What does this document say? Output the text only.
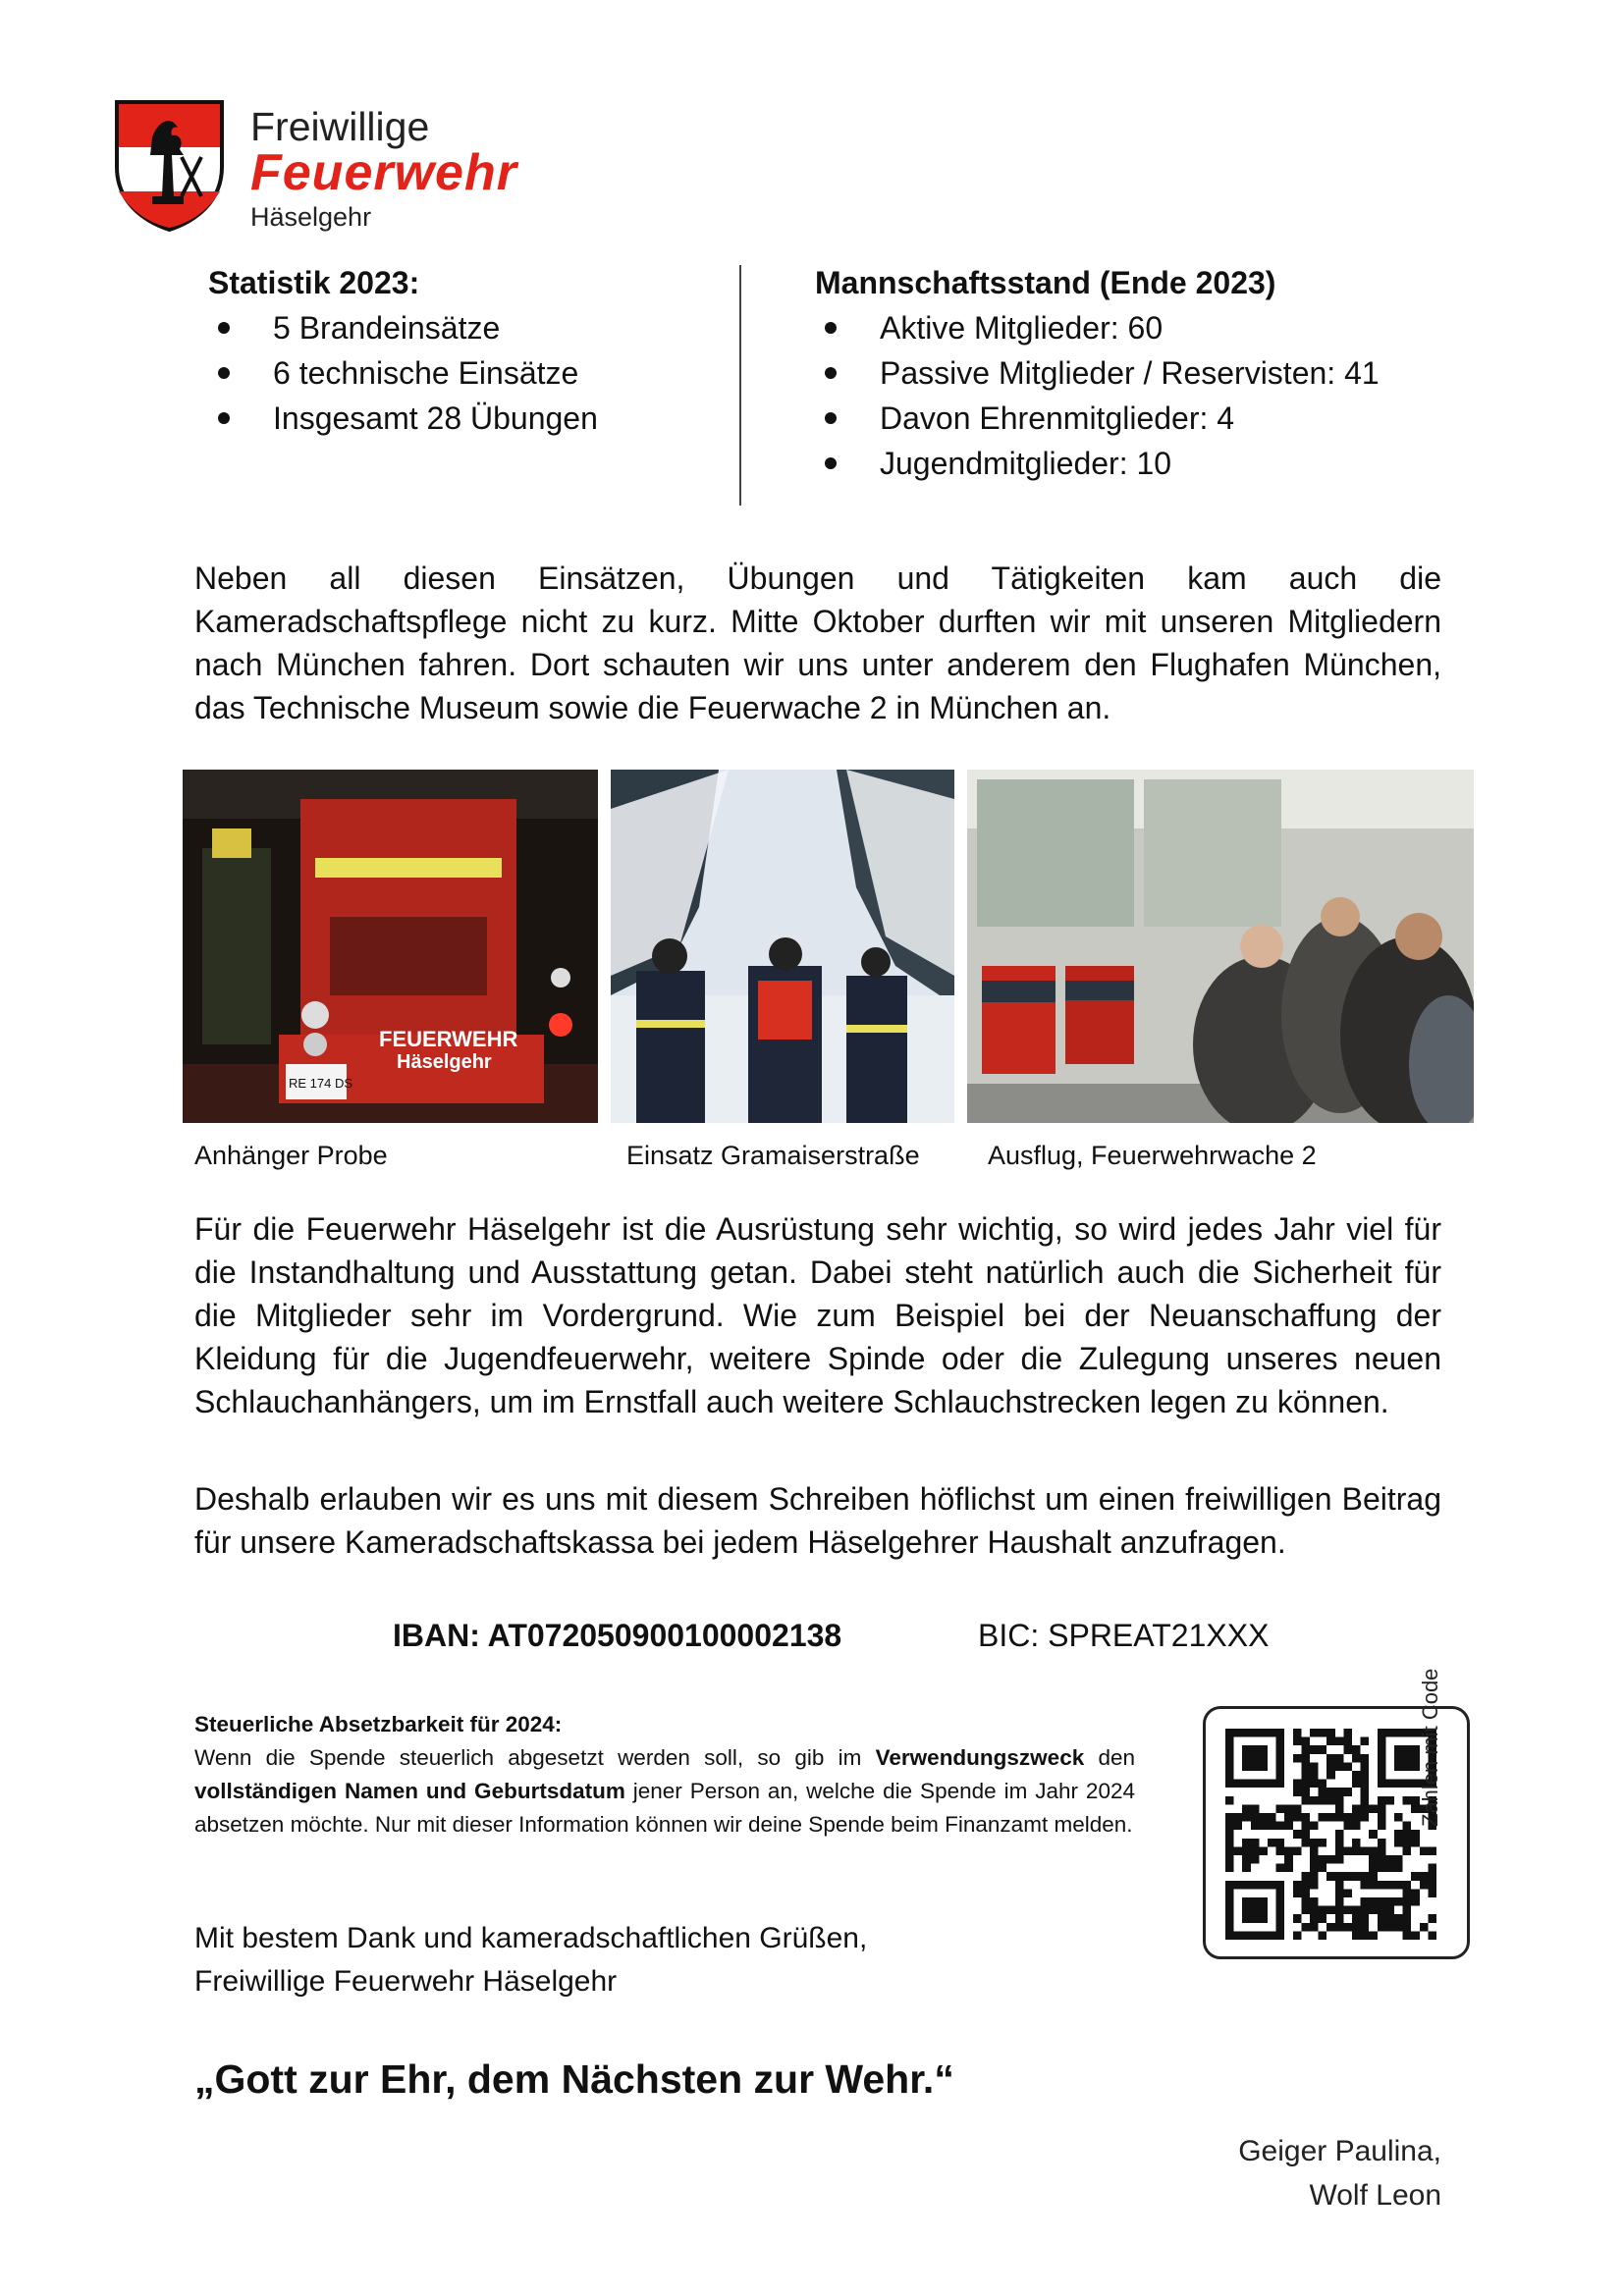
Freiwillige
Feuerwehr
Häselgehr
Statistik 2023:
5 Brandeinsätze
6 technische Einsätze
Insgesamt 28 Übungen
Mannschaftsstand (Ende 2023)
Aktive Mitglieder: 60
Passive Mitglieder / Reservisten: 41
Davon Ehrenmitglieder: 4
Jugendmitglieder: 10
Neben all diesen Einsätzen, Übungen und Tätigkeiten kam auch die Kameradschaftspflege nicht zu kurz. Mitte Oktober durften wir mit unseren Mitgliedern nach München fahren. Dort schauten wir uns unter anderem den Flughafen München, das Technische Museum sowie die Feuerwache 2 in München an.
FEUERWEHR
Häselgehr
RE 174 DS
Anhänger Probe	Einsatz Gramaiserstraße	Ausflug, Feuerwehrwache 2
Für die Feuerwehr Häselgehr ist die Ausrüstung sehr wichtig, so wird jedes Jahr viel für die Instandhaltung und Ausstattung getan. Dabei steht natürlich auch die Sicherheit für die Mitglieder sehr im Vordergrund. Wie zum Beispiel bei der Neuanschaffung der Kleidung für die Jugendfeuerwehr, weitere Spinde oder die Zulegung unseres neuen Schlauchanhängers, um im Ernstfall auch weitere Schlauchstrecken legen zu können.
Deshalb erlauben wir es uns mit diesem Schreiben höflichst um einen freiwilligen Beitrag für unsere Kameradschaftskassa bei jedem Häselgehrer Haushalt anzufragen.
IBAN: AT072050900100002138	BIC: SPREAT21XXX
Steuerliche Absetzbarkeit für 2024:
Wenn die Spende steuerlich abgesetzt werden soll, so gib im Verwendungszweck den vollständigen Namen und Geburtsdatum jener Person an, welche die Spende im Jahr 2024 absetzen möchte. Nur mit dieser Information können wir deine Spende beim Finanzamt melden.	Zahlen mit Code
Mit bestem Dank und kameradschaftlichen Grüßen,
Freiwillige Feuerwehr Häselgehr
„Gott zur Ehr, dem Nächsten zur Wehr.“
Geiger Paulina,
Wolf Leon
